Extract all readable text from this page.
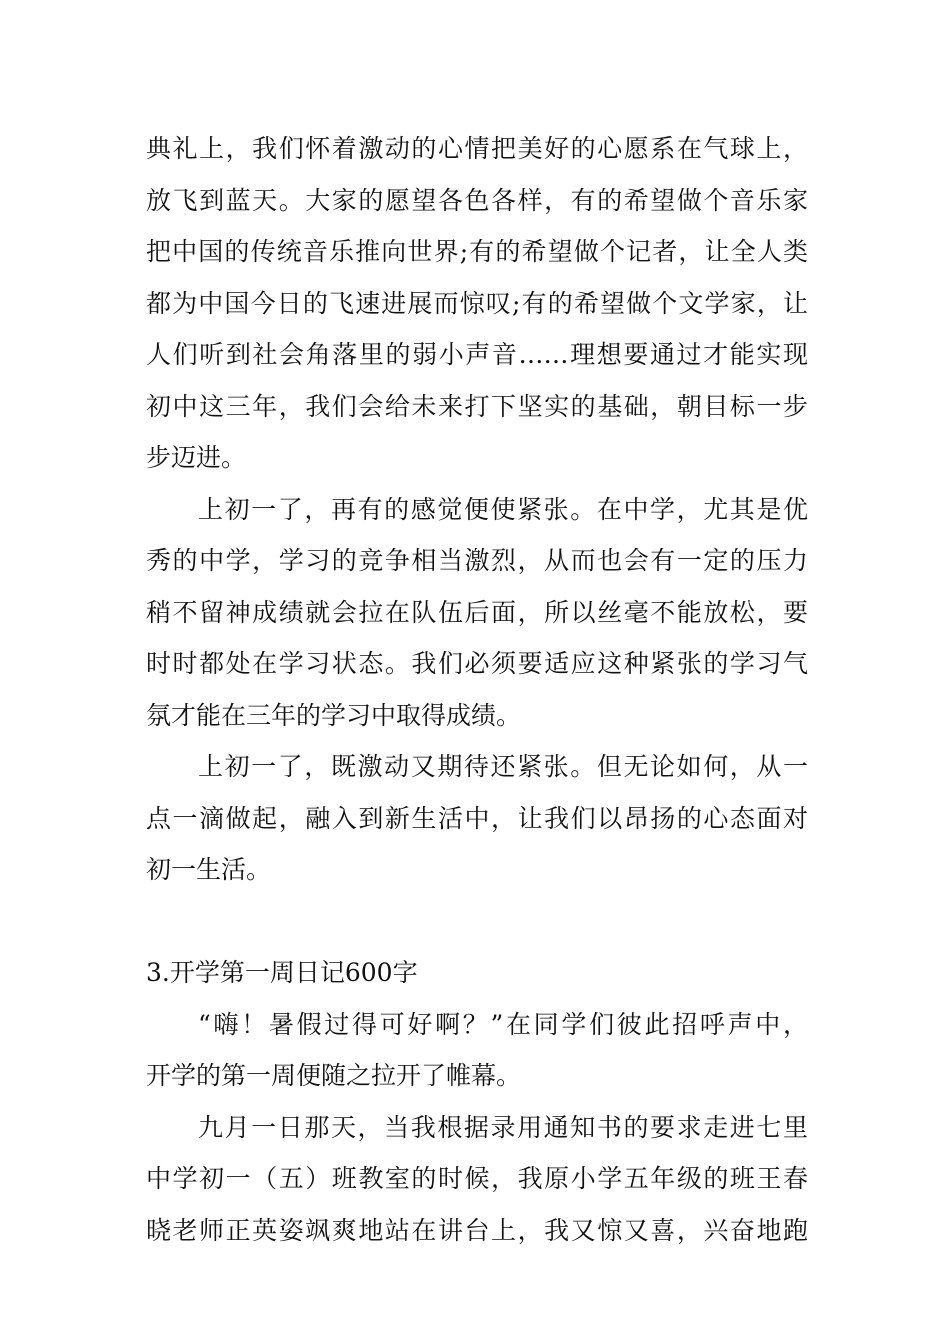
典礼上，我们怀着激动的心情把美好的心愿系在气球上，
放飞到蓝天。大家的愿望各色各样，有的希望做个音乐家
把中国的传统音乐推向世界;有的希望做个记者，让全人类
都为中国今日的飞速进展而惊叹;有的希望做个文学家，让
人们听到社会角落里的弱小声音……理想要通过才能实现
初中这三年，我们会给未来打下坚实的基础，朝目标一步
步迈进。
上初一了，再有的感觉便使紧张。在中学，尤其是优
秀的中学，学习的竞争相当激烈，从而也会有一定的压力
稍不留神成绩就会拉在队伍后面，所以丝毫不能放松，要
时时都处在学习状态。我们必须要适应这种紧张的学习气
氛才能在三年的学习中取得成绩。
上初一了，既激动又期待还紧张。但无论如何，从一
点一滴做起，融入到新生活中，让我们以昂扬的心态面对
初一生活。
3.开学第一周日记600字
“嗨！暑假过得可好啊？”在同学们彼此招呼声中，
开学的第一周便随之拉开了帷幕。
九月一日那天，当我根据录用通知书的要求走进七里
中学初一（五）班教室的时候，我原小学五年级的班王春
晓老师正英姿飒爽地站在讲台上，我又惊又喜，兴奋地跑
